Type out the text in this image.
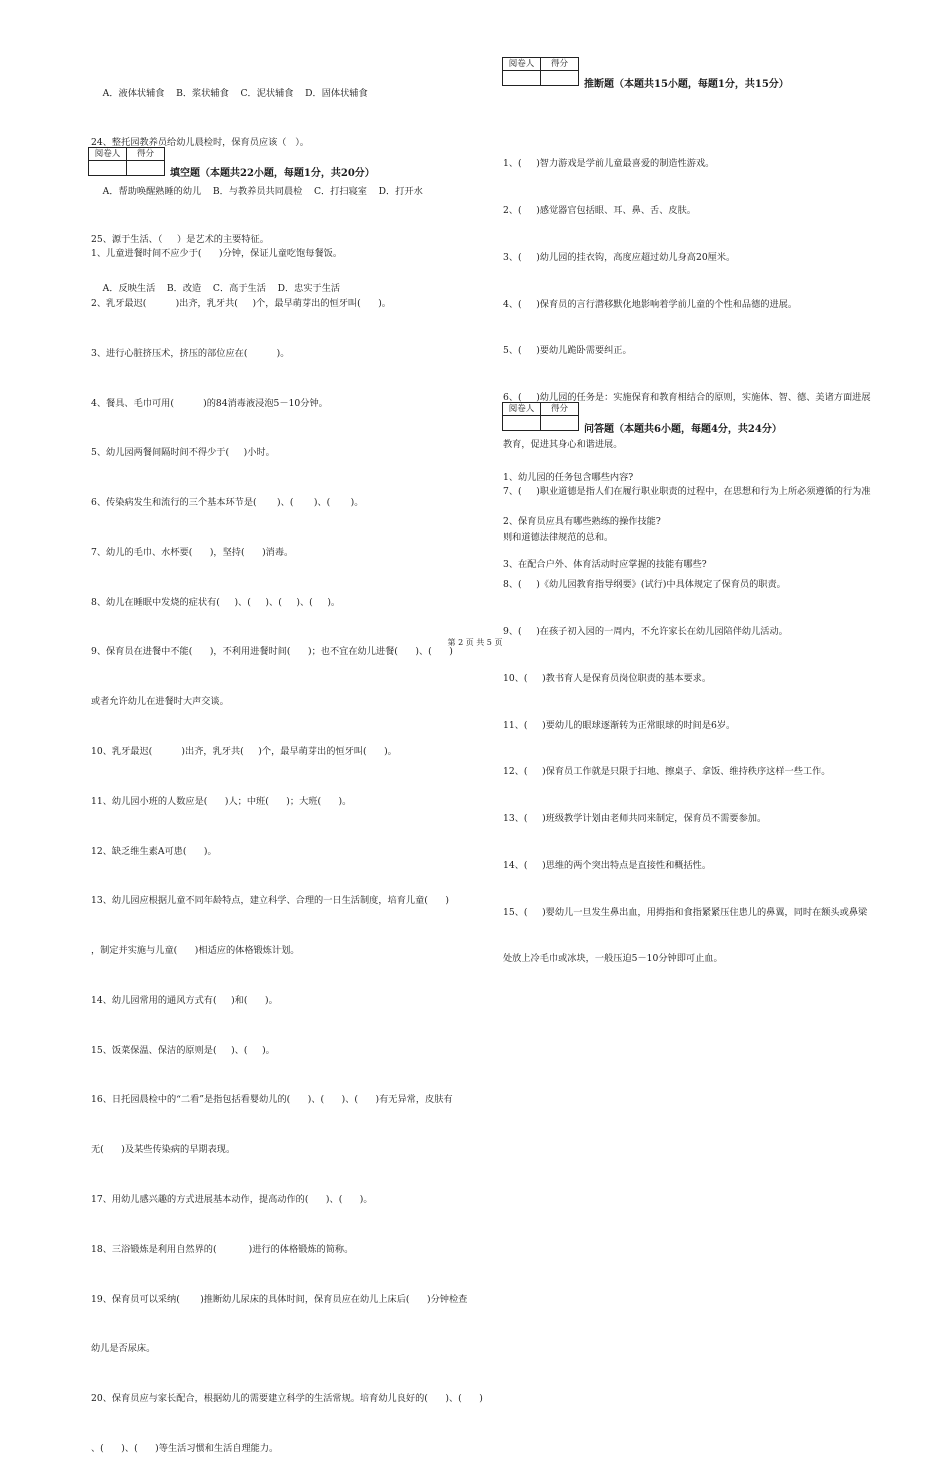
A．液体状辅食    B．浆状辅食    C．泥状辅食    D．固体状辅食

24、整托园教养员给幼儿晨检时，保育员应该（   ）。

A．帮助唤醒熟睡的幼儿    B．与教养员共同晨检    C．打扫寝室    D．打开水

25、源于生活、（     ）是艺术的主要特征。

A．反映生活    B．改造    C．高于生活    D．忠实于生活

阅卷人	得分

填空题（本题共22小题，每题1分，共20分）

1、儿童进餐时间不应少于(      )分钟，保证儿童吃饱每餐饭。

2、乳牙最迟(          )出齐，乳牙共(     )个，最早萌芽出的恒牙叫(      )。

3、进行心脏挤压术，挤压的部位应在(          )。

4、餐具、毛巾可用(          )的84消毒液浸泡5－10分钟。

5、幼儿园两餐间隔时间不得少于(     )小时。

6、传染病发生和流行的三个基本环节是(       )、(       )、(       )。

7、幼儿的毛巾、水杯要(      )，坚持(      )消毒。

8、幼儿在睡眠中发烧的症状有(     )、(     )、(     )、(     )。

9、保育员在进餐中不能(      )，不利用进餐时间(      )；也不宜在幼儿进餐(      )、(      )

或者允许幼儿在进餐时大声交谈。

10、乳牙最迟(          )出齐，乳牙共(     )个，最早萌芽出的恒牙叫(      )。

11、幼儿园小班的人数应是(      )人；中班(      )；大班(      )。

12、缺乏维生素A可患(      )。

13、幼儿园应根据儿童不同年龄特点，建立科学、合理的一日生活制度，培育儿童(      )

，制定并实施与儿童(      )相适应的体格锻炼计划。

14、幼儿园常用的通风方式有(     )和(      )。

15、饭菜保温、保洁的原则是(     )、(     )。

16、日托园晨检中的“二看”是指包括看婴幼儿的(      )、(      )、(      )有无异常，皮肤有

无(      )及某些传染病的早期表现。

17、用幼儿感兴趣的方式进展基本动作，提高动作的(      )、(      )。

18、三浴锻炼是利用自然界的(           )进行的体格锻炼的简称。

19、保育员可以采纳(       )推断幼儿尿床的具体时间，保育员应在幼儿上床后(      )分钟检查

幼儿是否尿床。

20、保育员应与家长配合，根据幼儿的需要建立科学的生活常规。培育幼儿良好的(      )、(      )

、(      )、(      )等生活习惯和生活自理能力。

阅卷人	得分

推断题（本题共15小题，每题1分，共15分）

1、(     )智力游戏是学前儿童最喜爱的制造性游戏。

2、(     )感觉器官包括眼、耳、鼻、舌、皮肤。

3、(     )幼儿园的挂衣钩，高度应超过幼儿身高20厘米。

4、(     )保育员的言行潜移默化地影响着学前儿童的个性和品德的进展。

5、(     )要幼儿跪卧需要纠正。

6、(     )幼儿园的任务是：实施保育和教育相结合的原则，实施体、智、德、美诸方面进展

教育，促进其身心和谐进展。

7、(     )职业道德是指人们在履行职业职责的过程中，在思想和行为上所必须遵循的行为准

则和道德法律规范的总和。

8、(     )《幼儿园教育指导纲要》(试行)中具体规定了保育员的职责。

9、(     )在孩子初入园的一周内，不允许家长在幼儿园陪伴幼儿活动。

10、(     )教书育人是保育员岗位职责的基本要求。

11、(     )要幼儿的眼球逐渐转为正常眼球的时间是6岁。

12、(     )保育员工作就是只限于扫地、擦桌子、拿饭、维持秩序这样一些工作。

13、(     )班级教学计划由老师共同来制定，保育员不需要参加。

14、(     )思维的两个突出特点是直接性和概括性。

15、(     )婴幼儿一旦发生鼻出血，用拇指和食指紧紧压住患儿的鼻翼，同时在额头或鼻梁

处放上冷毛巾或冰块，一般压迫5－10分钟即可止血。

阅卷人	得分

问答题（本题共6小题，每题4分，共24分）
1、幼儿园的任务包含哪些内容?
2、保育员应具有哪些熟练的操作技能?
3、在配合户外、体育活动时应掌握的技能有哪些?
第 2 页 共 5 页
